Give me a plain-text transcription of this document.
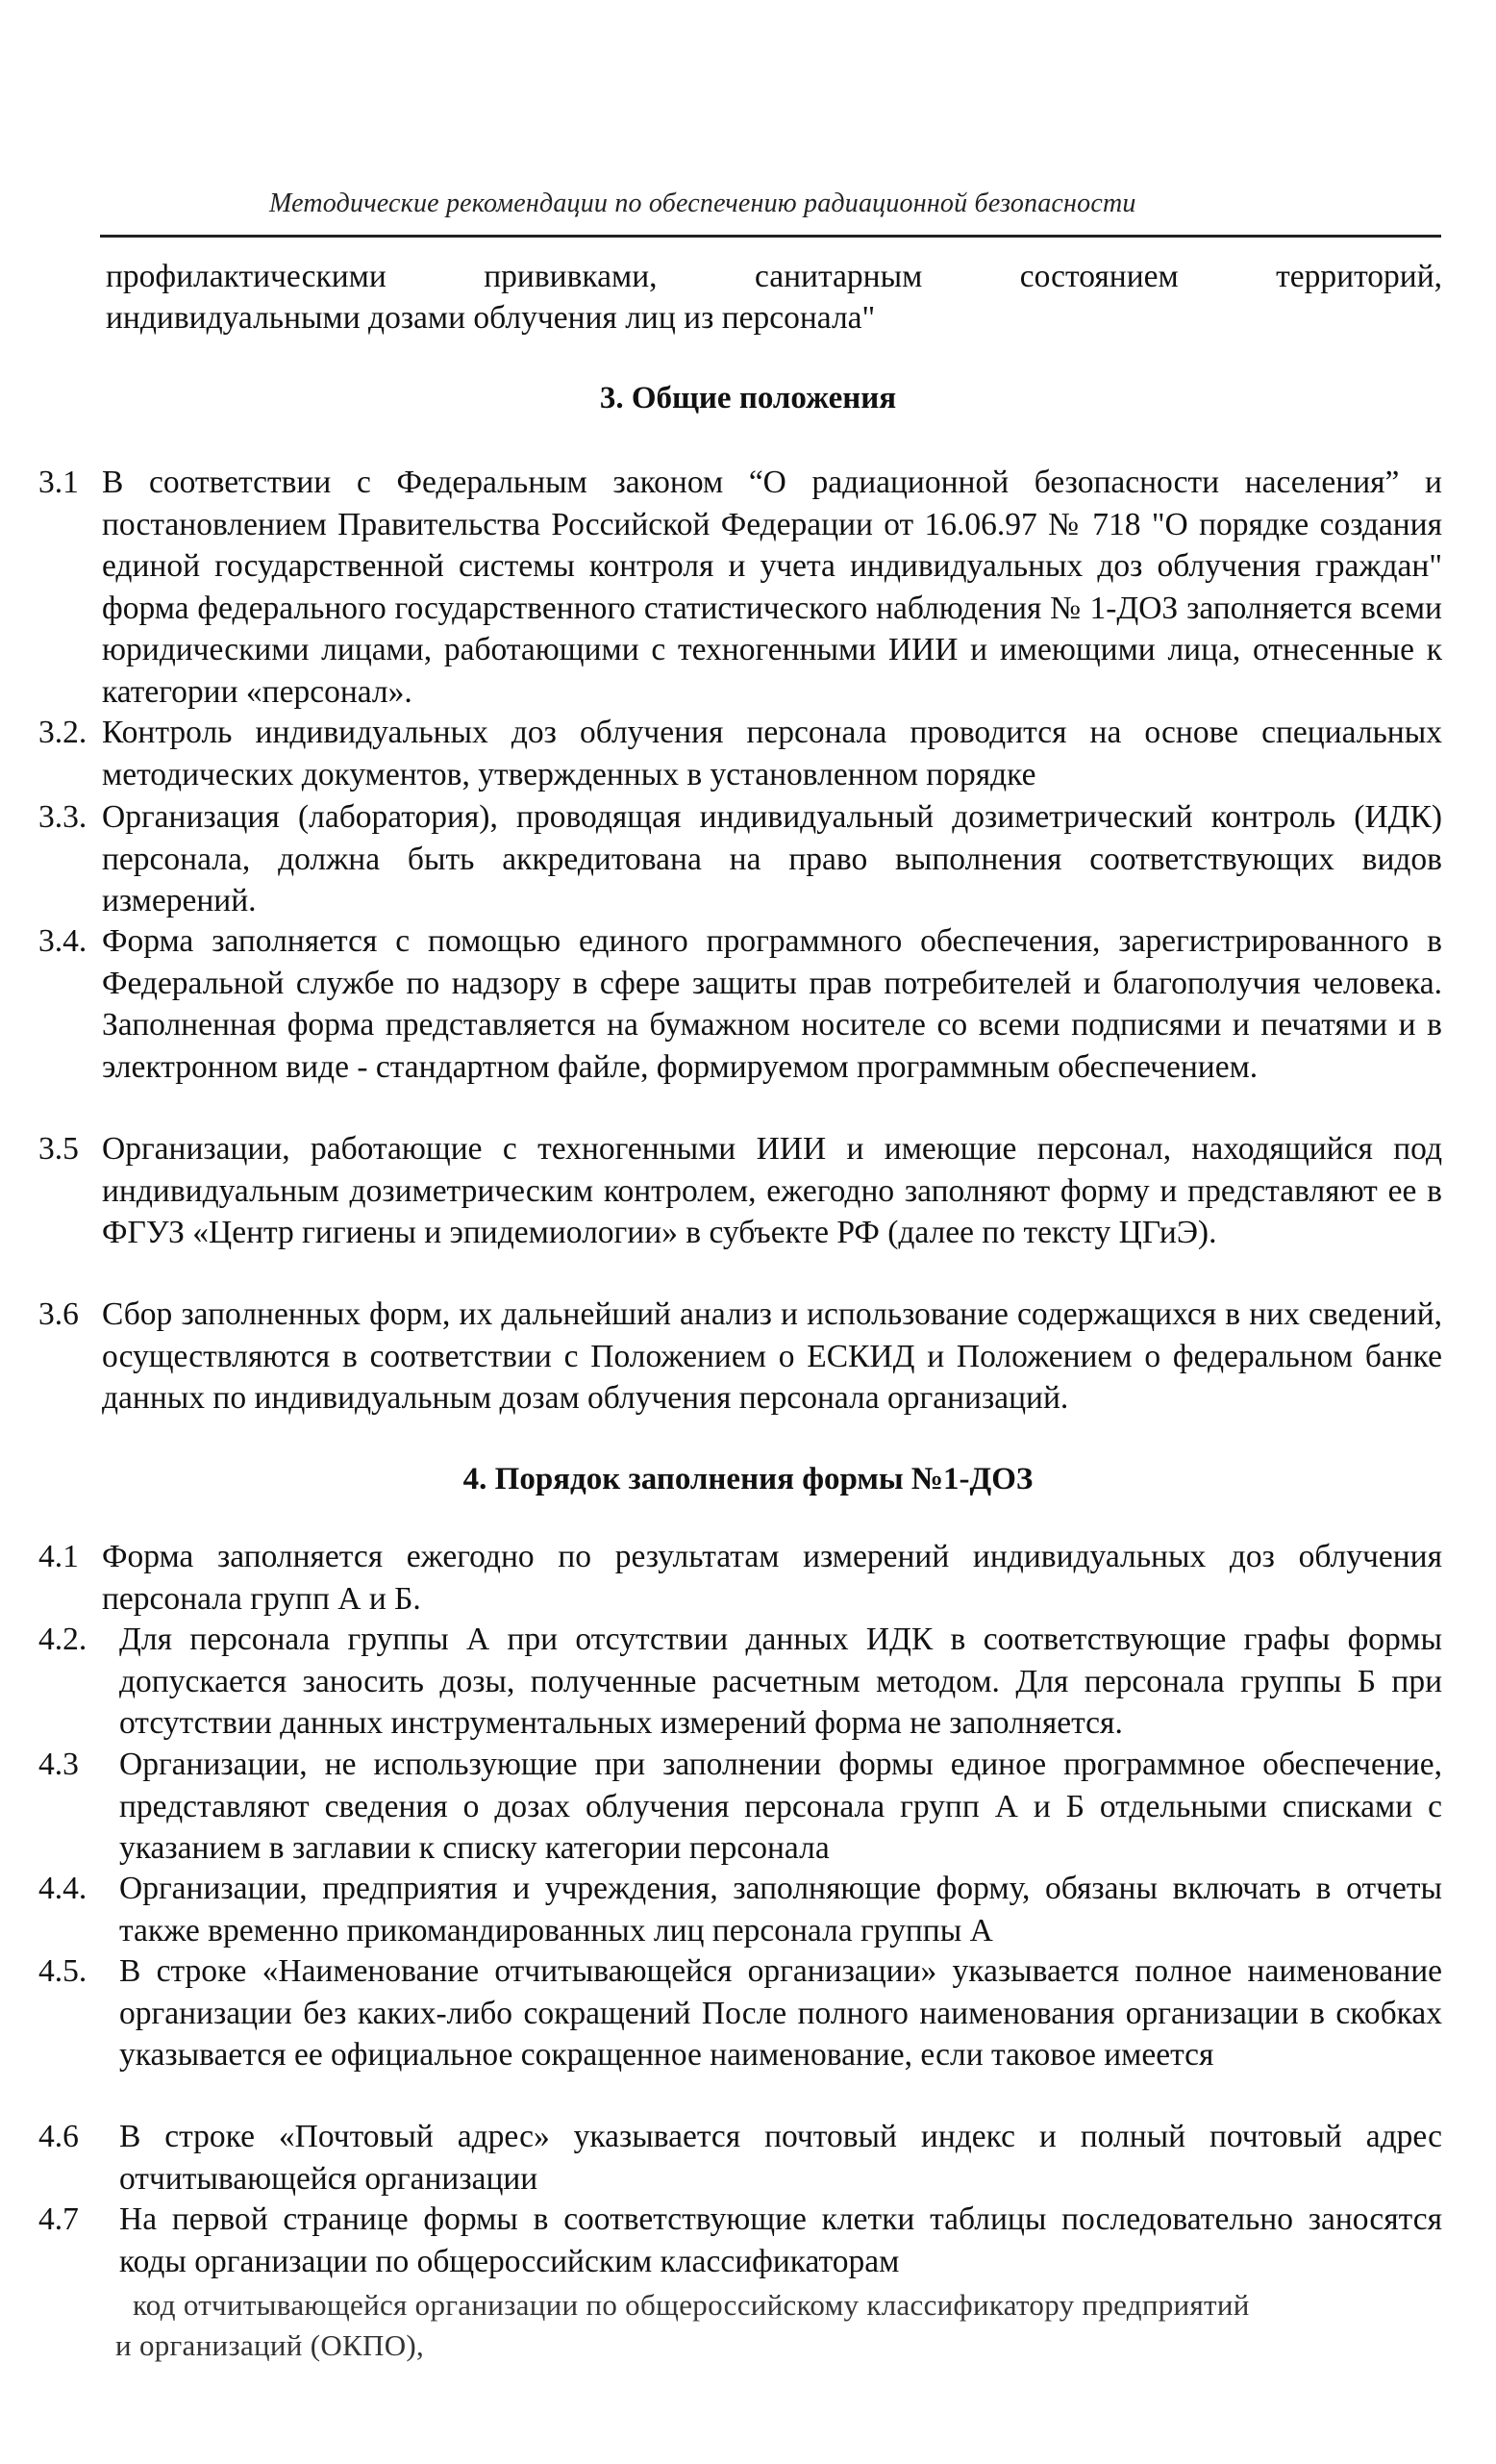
Методические рекомендации по обеспечению радиационной безопасности
профилактическими прививками, санитарным состоянием территорий,
индивидуальными дозами облучения лиц из персонала"
3. Общие положения
3.1 В соответствии с Федеральным законом “О радиационной безопасности населения” и постановлением Правительства Российской Федерации от 16.06.97 № 718 "О порядке создания единой государственной системы контроля и учета индивидуальных доз облучения граждан" форма федерального государственного статистического наблюдения № 1-ДОЗ заполняется всеми юридическими лицами, работающими с техногенными ИИИ и имеющими лица, отнесенные к категории «персонал».
3.2. Контроль индивидуальных доз облучения персонала проводится на основе специальных методических документов, утвержденных в установленном порядке
3.3. Организация (лаборатория), проводящая индивидуальный дозиметрический контроль (ИДК) персонала, должна быть аккредитована на право выполнения соответствующих видов измерений.
3.4. Форма заполняется с помощью единого программного обеспечения, зарегистрированного в Федеральной службе по надзору в сфере защиты прав потребителей и благополучия человека. Заполненная форма представляется на бумажном носителе со всеми подписями и печатями и в электронном виде - стандартном файле, формируемом программным обеспечением.
3.5 Организации, работающие с техногенными ИИИ и имеющие персонал, находящийся под индивидуальным дозиметрическим контролем, ежегодно заполняют форму и представляют ее в ФГУЗ «Центр гигиены и эпидемиологии» в субъекте РФ (далее по тексту ЦГиЭ).
3.6 Сбор заполненных форм, их дальнейший анализ и использование содержащихся в них сведений, осуществляются в соответствии с Положением о ЕСКИД и Положением о федеральном банке данных по индивидуальным дозам облучения персонала организаций.
4. Порядок заполнения формы №1-ДОЗ
4.1 Форма заполняется ежегодно по результатам измерений индивидуальных доз облучения персонала групп А и Б.
4.2.	Для персонала группы А при отсутствии данных ИДК в соответствующие графы формы допускается заносить дозы, полученные расчетным методом. Для персонала группы Б при отсутствии данных инструментальных измерений форма не заполняется.
4.3	Организации, не использующие при заполнении формы единое программное обеспечение, представляют сведения о дозах облучения персонала групп А и Б отдельными списками с указанием в заглавии к списку категории персонала
4.4.	Организации, предприятия и учреждения, заполняющие форму, обязаны включать в отчеты также временно прикомандированных лиц персонала группы А
4.5.	В строке «Наименование отчитывающейся организации» указывается полное наименование организации без каких-либо сокращений После полного наименования организации в скобках указывается ее официальное сокращенное наименование, если таковое имеется
4.6	В строке «Почтовый адрес» указывается почтовый индекс и полный почтовый адрес отчитывающейся организации
4.7	На первой странице формы в соответствующие клетки таблицы последовательно заносятся коды организации по общероссийским классификаторам
код отчитывающейся организации по общероссийскому классификатору предприятий
и организаций (ОКПО),
